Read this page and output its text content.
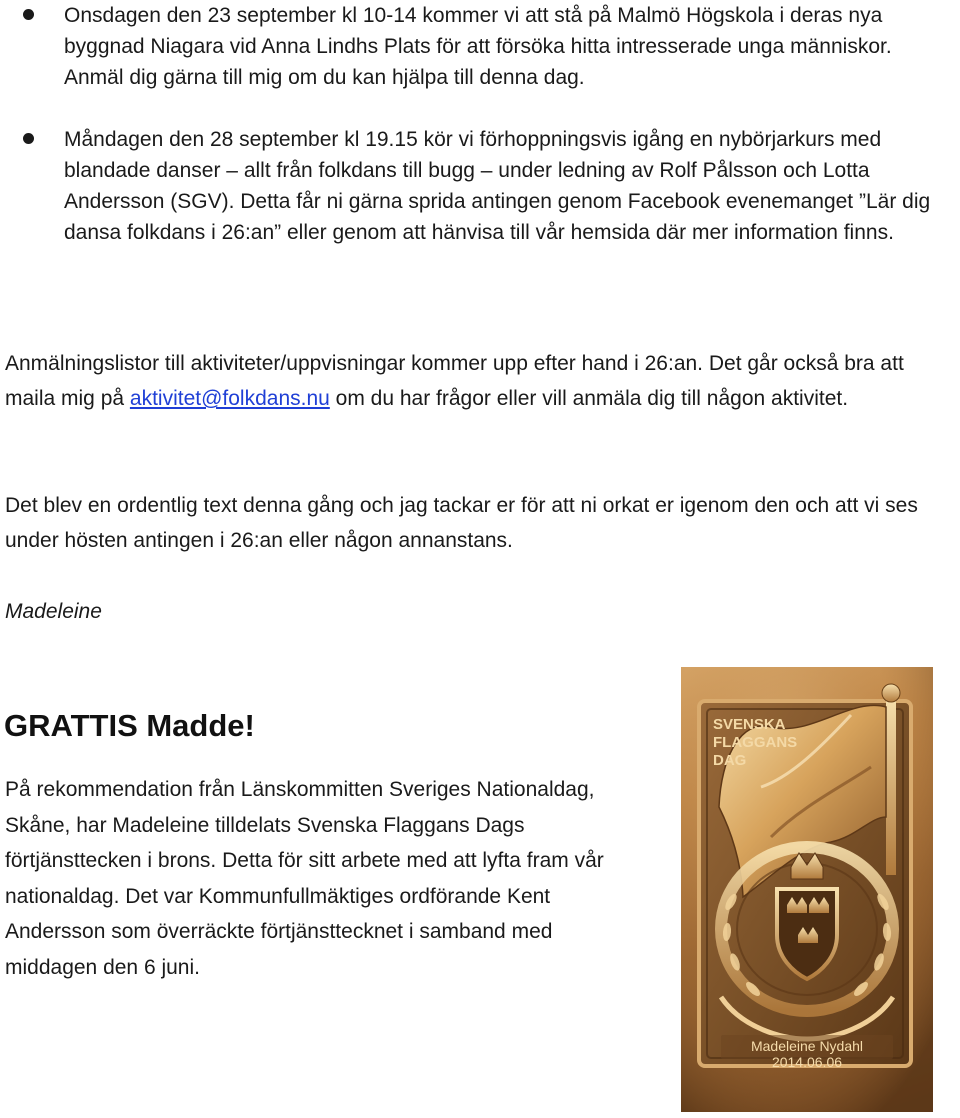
Onsdagen den 23 september kl 10-14 kommer vi att stå på Malmö Högskola i deras nya byggnad Niagara vid Anna Lindhs Plats för att försöka hitta intresserade unga människor. Anmäl dig gärna till mig om du kan hjälpa till denna dag.
Måndagen den 28 september kl 19.15 kör vi förhoppningsvis igång en nybörjarkurs med blandade danser – allt från folkdans till bugg – under ledning av Rolf Pålsson och Lotta Andersson (SGV). Detta får ni gärna sprida antingen genom Facebook evenemanget ”Lär dig dansa folkdans i 26:an” eller genom att hänvisa till vår hemsida där mer information finns.

Anmälningslistor till aktiviteter/uppvisningar kommer upp efter hand i 26:an. Det går också bra att maila mig på aktivitet@folkdans.nu om du har frågor eller vill anmäla dig till någon aktivitet.

Det blev en ordentlig text denna gång och jag tackar er för att ni orkat er igenom den och att vi ses under hösten antingen i 26:an eller någon annanstans.

Madeleine

GRATTIS Madde!

På rekommendation från Länskommitten Sveriges Nationaldag, Skåne, har Madeleine tilldelats Svenska Flaggans Dags förtjänsttecken i brons. Detta för sitt arbete med att lyfta fram vår nationaldag. Det var Kommunfullmäktiges ordförande Kent Andersson som överräckte förtjänsttecknet i samband med middagen den 6 juni.

SVENSKA
FLAGGANS
DAG
Madeleine Nydahl
2014.06.06
